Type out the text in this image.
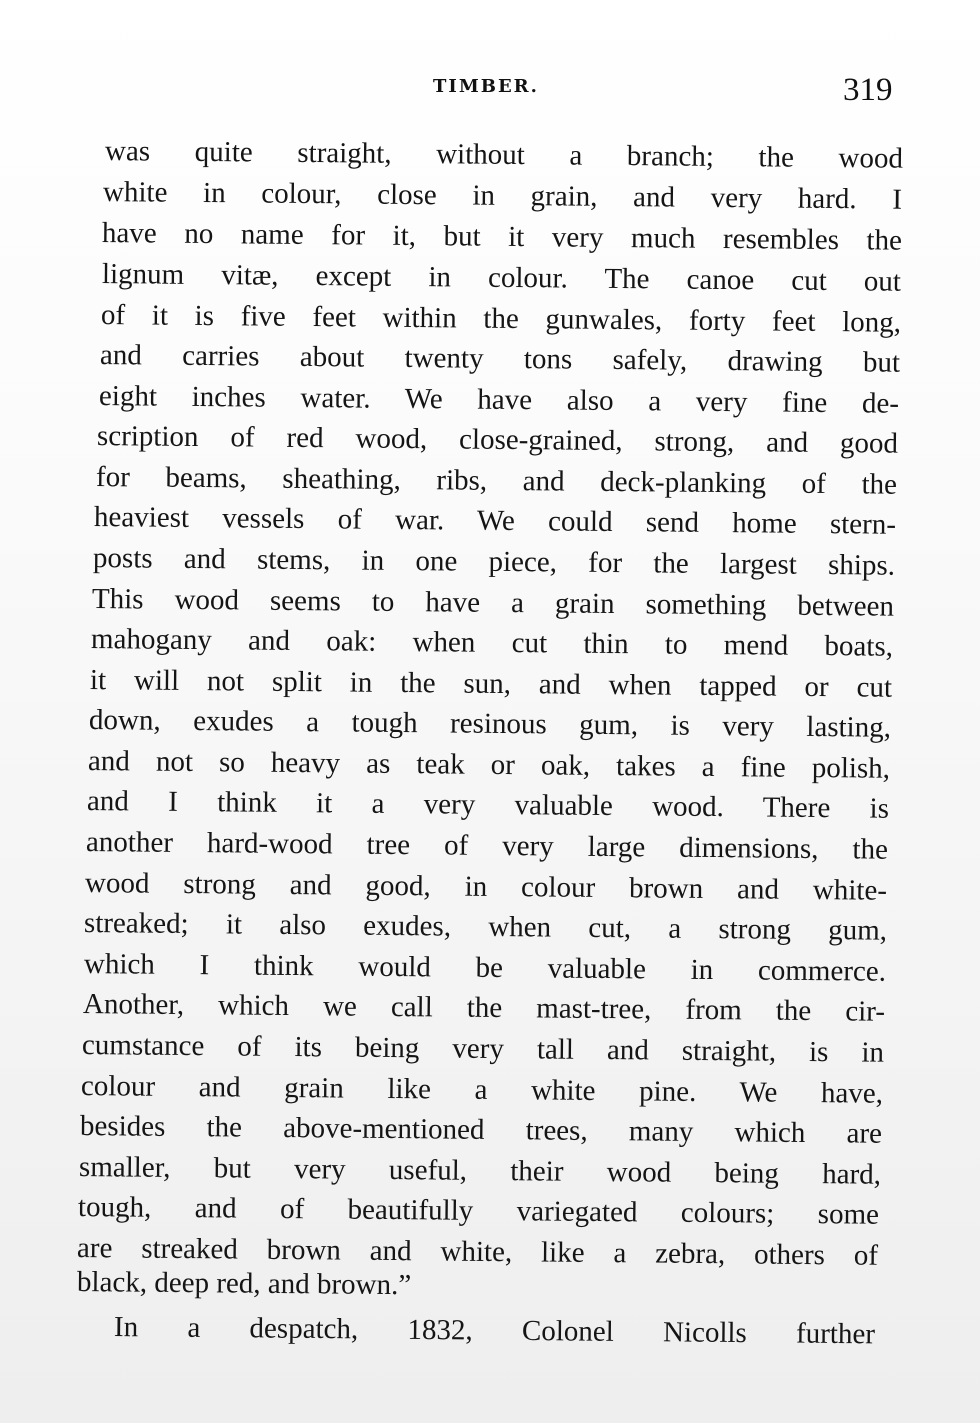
TIMBER.	319
was quite straight, without a branch; the wood
white in colour, close in grain, and very hard. I
have no name for it, but it very much resembles the
lignum vitæ, except in colour. The canoe cut out
of it is five feet within the gunwales, forty feet long,
and carries about twenty tons safely, drawing but
eight inches water. We have also a very fine de-
scription of red wood, close-grained, strong, and good
for beams, sheathing, ribs, and deck-planking of the
heaviest vessels of war. We could send home stern-
posts and stems, in one piece, for the largest ships.
This wood seems to have a grain something between
mahogany and oak: when cut thin to mend boats,
it will not split in the sun, and when tapped or cut
down, exudes a tough resinous gum, is very lasting,
and not so heavy as teak or oak, takes a fine polish,
and I think it a very valuable wood. There is
another hard-wood tree of very large dimensions, the
wood strong and good, in colour brown and white-
streaked; it also exudes, when cut, a strong gum,
which I think would be valuable in commerce.
Another, which we call the mast-tree, from the cir-
cumstance of its being very tall and straight, is in
colour and grain like a white pine. We have,
besides the above-mentioned trees, many which are
smaller, but very useful, their wood being hard,
tough, and of beautifully variegated colours; some
are streaked brown and white, like a zebra, others of
black, deep red, and brown.”
In a despatch, 1832, Colonel Nicolls further
